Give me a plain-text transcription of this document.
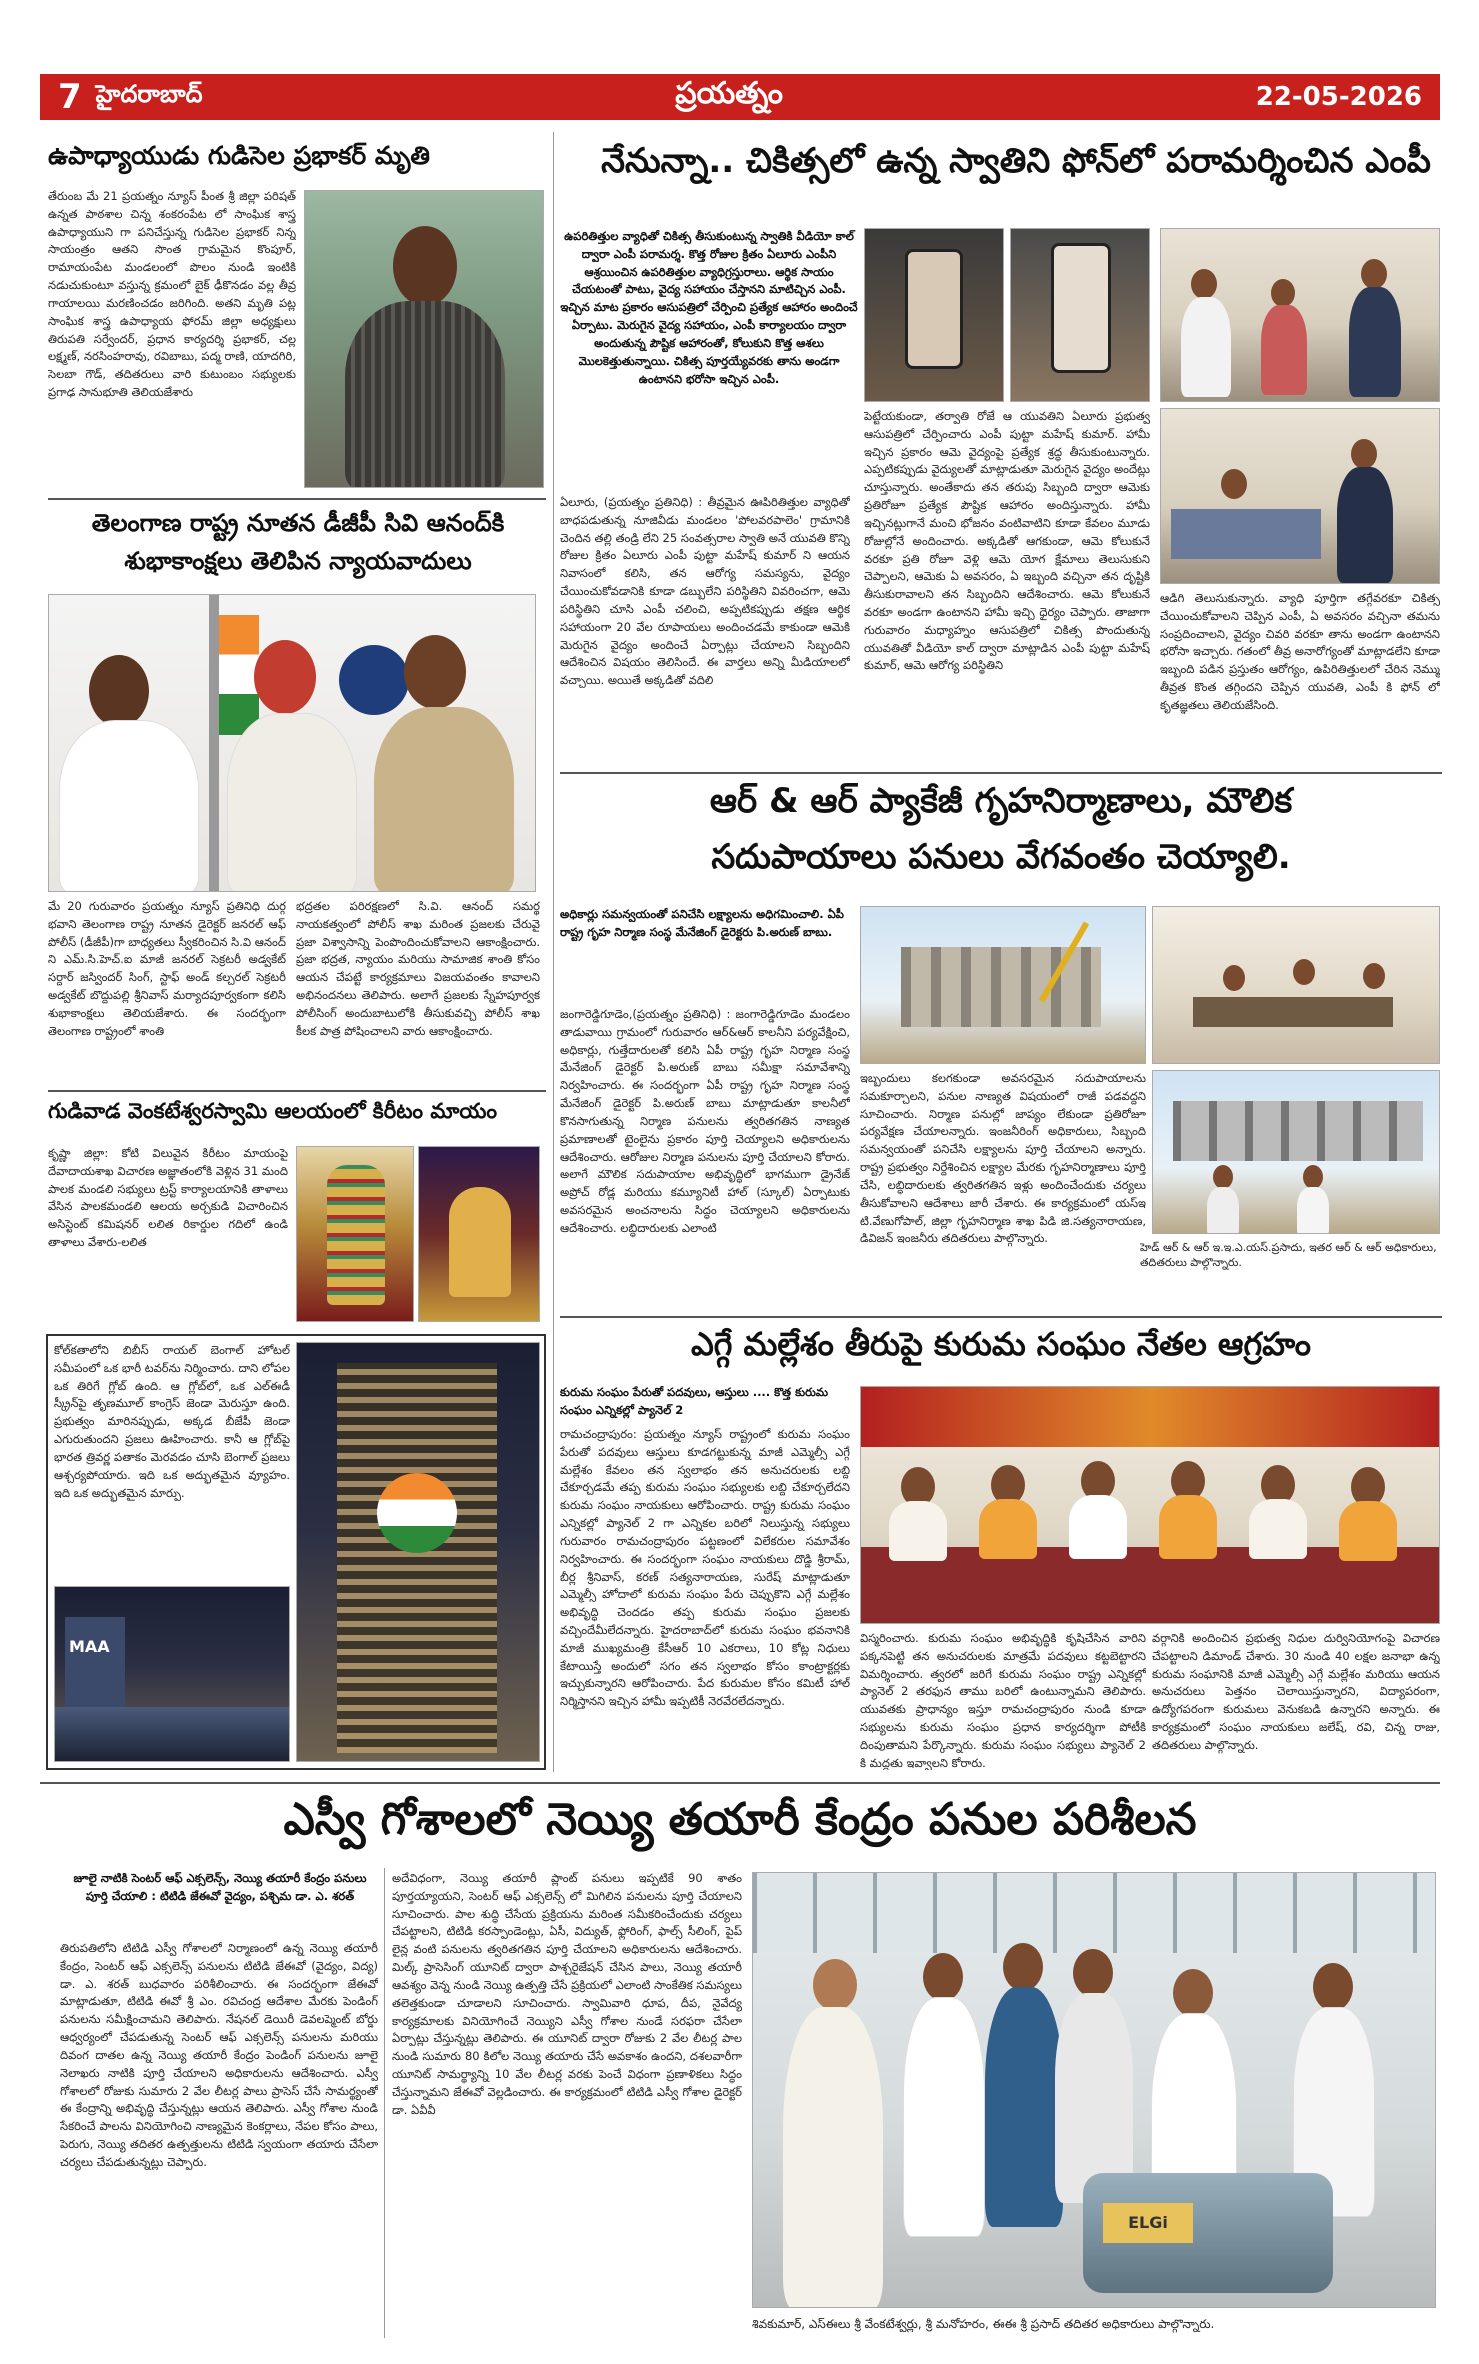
7 హైదరాబాద్	ప్రయత్నం	22-05-2026
ఉపాధ్యాయుడు గుడిసెల ప్రభాకర్ మృతి
తేరుంబ మే 21 ప్రయత్నం న్యూస్ పీంత శ్రీ జిల్లా పరిషత్ ఉన్నత పాఠశాల చిన్న శంకరంపేట లో సాంఘిక శాస్త్ర ఉపాధ్యాయుని గా పనిచేస్తున్న గుడిసెల ప్రభాకర్ నిన్న సాయంత్రం ఆతని సొంత గ్రామమైన కొంపూర్, రామాయంపేట మండలంలో పొలం నుండి ఇంటికి నడుచుకుంటూ వస్తున్న క్రమంలో బైక్ ఢీకొనడం వల్ల తీవ్ర గాయాలయి మరణించడం జరిగింది. అతని మృతి పట్ల సాంఘిక శాస్త్ర ఉపాధ్యాయ ఫోరమ్ జిల్లా అధ్యక్షులు తిరుపతి సర్వేందర్, ప్రధాన కార్యదర్శి ప్రభాకర్, చల్ల లక్ష్మణ్, నరసింహరావు, రవిబాబు, పద్మ రాణి, యాదగిరి, సెలబా గౌడ్, తదితరులు వారి కుటుంబం సభ్యులకు ప్రగాఢ సానుభూతి తెలియజేశారు
తెలంగాణ రాష్ట్ర నూతన డీజీపీ సివి ఆనంద్‌కి
శుభాకాంక్షలు తెలిపిన న్యాయవాదులు
మే 20 గురువారం ప్రయత్నం న్యూస్ ప్రతినిధి దుర్గ భవాని తెలంగాణ రాష్ట్ర నూతన డైరెక్టర్ జనరల్ ఆఫ్ పోలీస్ (డీజీపీ)గా బాధ్యతలు స్వీకరించిన సి.వి ఆనంద్ ని ఎమ్.సి.హెచ్.ఐ మాజీ జనరల్ సెక్రటరీ అడ్వకేట్ సర్దార్ జస్విందర్ సింగ్, స్టాఫ్ అండ్ కల్చరల్ సెక్రటరీ అడ్వకేట్ బొద్దుపల్లి శ్రీనివాస్ మర్యాదపూర్వకంగా కలిసి శుభాకాంక్షలు తెలియజేశారు. ఈ సందర్భంగా తెలంగాణ రాష్ట్రంలో శాంతి
భద్రతల పరిరక్షణలో సి.వి. ఆనంద్ సమర్థ నాయకత్వంలో పోలీస్ శాఖ మరింత ప్రజలకు చేరువై ప్రజా విశ్వాసాన్ని పెంపొందించుకోవాలని ఆకాంక్షించారు. ప్రజా భద్రత, న్యాయం మరియు సామాజిక శాంతి కోసం ఆయన చేపట్టే కార్యక్రమాలు విజయవంతం కావాలని అభినందనలు తెలిపారు. అలాగే ప్రజలకు స్నేహపూర్వక పోలీసింగ్ అందుబాటులోకి తీసుకువచ్చి పోలీస్ శాఖ కీలక పాత్ర పోషించాలని వారు ఆకాంక్షించారు.
గుడివాడ వెంకటేశ్వరస్వామి ఆలయంలో కిరీటం మాయం
కృష్ణా జిల్లా: కోటి విలువైన కిరీటం మాయంపై దేవాదాయశాఖ విచారణ అజ్ఞాతంలోకి వెళ్లిన 31 మంది పాలక మండలి సభ్యులు ట్రస్ట్ కార్యాలయానికి తాళాలు వేసిన పాలకమండలి ఆలయ అర్చకుడి విచారించిన అసిస్టెంట్ కమిషనర్ లలిత రికార్డుల గదిలో ఉండి తాళాలు వేశారు-లలిత
కోల్‌కతాలోని బిబీస్ రాయల్ బెంగాల్ హోటల్ సమీపంలో ఒక భారీ టవర్‌ను నిర్మించారు. దాని లోపల ఒక తిరిగే గ్లోబ్ ఉంది. ఆ గ్లోబ్‌లో, ఒక ఎల్ఈడీ స్క్రీన్‌పై తృణమూల్ కాంగ్రెస్ జెండా మెరుస్తూ ఉంది. ప్రభుత్వం మారినప్పుడు, అక్కడ బీజేపీ జెండా ఎగురుతుందని ప్రజలు ఊహించారు. కానీ ఆ గ్లోబ్‌పై భారత త్రివర్ణ పతాకం మెరవడం చూసి బెంగాల్ ప్రజలు ఆశ్చర్యపోయారు. ఇది ఒక అద్భుతమైన వ్యూహం. ఇది ఒక అద్భుతమైన మార్పు.
MAA
నేనున్నా.. చికిత్సలో ఉన్న స్వాతిని ఫోన్‌లో పరామర్శించిన ఎంపీ
ఉపరితిత్తుల వ్యాధితో చికిత్స తీసుకుంటున్న స్వాతికి వీడియో కాల్ ద్వారా ఎంపీ పరామర్శ. కొత్త రోజుల క్రితం ఏలూరు ఎంపీని ఆశ్రయించిన ఉపరితిత్తుల వ్యాధిగ్రస్తురాలు. ఆర్థిక సాయం చేయటంతో పాటు, వైద్య సహాయం చేస్తానని మాటిచ్చిన ఎంపీ. ఇచ్చిన మాట ప్రకారం ఆసుపత్రిలో చేర్పించి ప్రత్యేక ఆహారం అందించే ఏర్పాటు. మెరుగైన వైద్య సహాయం, ఎంపీ కార్యాలయం ద్వారా అందుతున్న పౌష్టిక ఆహారంతో, కోలుకుని కొత్త ఆశలు మొలకెత్తుతున్నాయి. చికిత్స పూర్తయ్యేవరకు తాను అండగా ఉంటానని భరోసా ఇచ్చిన ఎంపీ.
ఏలూరు, (ప్రయత్నం ప్రతినిధి) : తీవ్రమైన ఊపిరితిత్తుల వ్యాధితో బాధపడుతున్న నూజివీడు మండలం 'పోలవరపాలెం' గ్రామానికి చెందిన తల్లి తండ్రి లేని 25 సంవత్సరాల స్వాతి అనే యువతి కొన్ని రోజుల క్రితం ఏలూరు ఎంపీ పుట్టా మహేష్ కుమార్ ని ఆయన నివాసంలో కలిసి, తన ఆరోగ్య సమస్యను, వైద్యం చేయించుకోవడానికి కూడా డబ్బులేని పరిస్థితిని వివరించగా, ఆమె పరిస్థితిని చూసి ఎంపీ చలించి, అప్పటికప్పుడు తక్షణ ఆర్థిక సహాయంగా 20 వేల రూపాయలు అందించడమే కాకుండా ఆమెకి మెరుగైన వైద్యం అందించే ఏర్పాట్లు చేయాలని సిబ్బందిని ఆదేశించిన విషయం తెలిసిందే. ఈ వార్తలు అన్ని మీడియాలలో వచ్చాయి. అయితే అక్కడితో వదిలి
పెట్టేయకుండా, తర్వాతి రోజే ఆ యువతిని ఏలూరు ప్రభుత్వ ఆసుపత్రిలో చేర్పించారు ఎంపీ పుట్టా మహేష్ కుమార్. హామీ ఇచ్చిన ప్రకారం ఆమె వైద్యంపై ప్రత్యేక శ్రద్ధ తీసుకుంటున్నారు. ఎప్పటికప్పుడు వైద్యులతో మాట్లాడుతూ మెరుగైన వైద్యం అందేట్లు చూస్తున్నారు. అంతేకాదు తన తరుపు సిబ్బంది ద్వారా ఆమెకు ప్రతిరోజూ ప్రత్యేక పౌష్టిక ఆహారం అందిస్తున్నారు. హామీ ఇచ్చినట్లుగానే మంచి భోజనం వంటివాటిని కూడా కేవలం మూడు రోజుల్లోనే అందించారు. అక్కడితో ఆగకుండా, ఆమె కోలుకునే వరకూ ప్రతి రోజూ వెళ్లి ఆమె యోగ క్షేమాలు తెలుసుకుని చెప్పాలని, ఆమెకు ఏ అవసరం, ఏ ఇబ్బంది వచ్చినా తన దృష్టికి తీసుకురావాలని తన సిబ్బందిని ఆదేశించారు. ఆమె కోలుకునే వరకూ అండగా ఉంటానని హామీ ఇచ్చి ధైర్యం చెప్పారు. తాజాగా గురువారం మధ్యాహ్నం ఆసుపత్రిలో చికిత్స పొందుతున్న యువతితో వీడియో కాల్ ద్వారా మాట్లాడిన ఎంపీ పుట్టా మహేష్ కుమార్, ఆమె ఆరోగ్య పరిస్థితిని
ఆడిగి తెలుసుకున్నారు. వ్యాధి పూర్తిగా తగ్గేవరకూ చికిత్స చేయించుకోవాలని చెప్పిన ఎంపీ, ఏ అవసరం వచ్చినా తమను సంప్రదించాలని, వైద్యం చివరి వరకూ తాను అండగా ఉంటానని భరోసా ఇచ్చారు. గతంలో తీవ్ర అనారోగ్యంతో మాట్లాడలేని కూడా ఇబ్బంది పడిన ప్రస్తుతం ఆరోగ్యం, ఉపిరితిత్తులలో చేరిన నెమ్ము తీవ్రత కొంత తగ్గిందని చెప్పిన యువతి, ఎంపీ కి ఫోన్ లో కృతజ్ఞతలు తెలియజేసింది.
ఆర్ & ఆర్ ప్యాకేజీ గృహనిర్మాణాలు, మౌలిక
సదుపాయాలు పనులు వేగవంతం చెయ్యాలి.
అధికార్లు సమన్వయంతో పనిచేసి లక్ష్యాలను అధిగమించాలి. ఏపీ రాష్ట్ర గృహ నిర్మాణ సంస్థ మేనేజింగ్ డైరెక్టరు పి.అరుణ్ బాబు.
జంగారెడ్డిగూడెం,(ప్రయత్నం ప్రతినిధి) : జంగారెడ్డిగూడెం మండలం తాడువాయి గ్రామంలో గురువారం ఆర్&ఆర్ కాలనీని పర్యవేక్షించి, అధికార్లు, గుత్తేదారులతో కలిసి ఏపీ రాష్ట్ర గృహ నిర్మాణ సంస్థ మేనేజింగ్ డైరెక్టర్ పి.అరుణ్ బాబు సమీక్షా సమావేశాన్ని నిర్వహించారు. ఈ సందర్భంగా ఏపీ రాష్ట్ర గృహ నిర్మాణ సంస్థ మేనేజింగ్ డైరెక్టర్ పి.అరుణ్ బాబు మాట్లాడుతూ కాలనీలో కొనసాగుతున్న నిర్మాణ పనులను త్వరితగతిన నాణ్యత ప్రమాణాలతో టైంలైను ప్రకారం పూర్తి చెయ్యాలని అధికారులను ఆదేశించారు. ఆరోజుల నిర్మాణ పనులను పూర్తి చేయాలని కోరారు. అలాగే మౌలిక సదుపాయాల అభివృద్ధిలో భాగముగా డ్రైనేజ్ అప్రోచ్ రోడ్ల మరియు కమ్యూనిటీ హాల్ (స్కూల్) ఏర్పాటుకు అవసరమైన అంచనాలను సిద్ధం చెయ్యాలని అధికారులను ఆదేశించారు. లబ్ధిదారులకు ఎలాంటి
ఇబ్బందులు కలగకుండా అవసరమైన సదుపాయాలను సమకూర్చాలని, పనుల నాణ్యత విషయంలో రాజీ పడవద్దని సూచించారు. నిర్మాణ పనుల్లో జాప్యం లేకుండా ప్రతిరోజూ పర్యవేక్షణ చేయాలన్నారు. ఇంజనీరింగ్ అధికారులు, సిబ్బంది సమన్వయంతో పనిచేసి లక్ష్యాలను పూర్తి చేయాలని అన్నారు. రాష్ట్ర ప్రభుత్వం నిర్దేశించిన లక్ష్యాల మేరకు గృహనిర్మాణాలు పూర్తి చేసి, లబ్ధిదారులకు త్వరితగతిన ఇళ్లు అందించేందుకు చర్యలు తీసుకోవాలని ఆదేశాలు జారీ చేశారు. ఈ కార్యక్రమంలో యస్‌ఇ టి.వేణుగోపాల్, జిల్లా గృహనిర్మాణ శాఖ పిడి జి.సత్యనారాయణ, డివిజన్ ఇంజనీరు తదితరులు పాల్గొన్నారు.
హెడ్ ఆర్ & ఆర్ ఇ.ఇ.ఎ.యస్.ప్రసాదు, ఇతర ఆర్ & ఆర్ అధికారులు, తదితరులు పాల్గొన్నారు.
ఎగ్గే మల్లేశం తీరుపై కురుమ సంఘం నేతల ఆగ్రహం
కురుమ సంఘం పేరుతో పదవులు, ఆస్తులు .... కొత్త కురుమ సంఘం ఎన్నికల్లో ప్యానెల్ 2
రామచంద్రాపురం: ప్రయత్నం న్యూస్ రాష్ట్రంలో కురుమ సంఘం పేరుతో పదవులు ఆస్తులు కూడగట్టుకున్న మాజీ ఎమ్మెల్సీ ఎగ్గే మల్లేశం కేవలం తన స్వలాభం తన అనుచరులకు లబ్ది చేకూర్చడమే తప్ప కురుమ సంఘం సభ్యులకు లబ్ది చేకూర్చలేదని కురుమ సంఘం నాయకులు ఆరోపించారు. రాష్ట్ర కురుమ సంఘం ఎన్నికల్లో ప్యానెల్ 2 గా ఎన్నికల బరిలో నిలుస్తున్న సభ్యులు గురువారం రామచంద్రాపురం పట్టణంలో విలేకరుల సమావేశం నిర్వహించారు. ఈ సందర్భంగా సంఘం నాయకులు దొడ్డి శ్రీరామ్, బీర్ల శ్రీనివాస్, కరణ్ సత్యనారాయణ, సురేష్ మాట్లాడుతూ ఎమ్మెల్సీ హోదాలో కురుమ సంఘం పేరు చెప్పుకొని ఎగ్గే మల్లేశం అభివృద్ధి చెందడం తప్ప కురుమ సంఘం ప్రజలకు వచ్చిందేమీలేదన్నారు. హైదరాబాద్‌లో కురుమ సంఘం భవనానికి మాజీ ముఖ్యమంత్రి కేసీఆర్ 10 ఎకరాలు, 10 కోట్ల నిధులు కేటాయిస్తే అందులో సగం తన స్వలాభం కోసం కాంట్రాక్టర్లకు ఇచ్చుకున్నారని ఆరోపించారు. పేద కురుమల కోసం కమిటీ హాల్ నిర్మిస్తానని ఇచ్చిన హామీ ఇప్పటికీ నెరవేరలేదన్నారు.
విస్మరించారు. కురుమ సంఘం అభివృద్ధికి కృషిచేసిన వారిని పక్కనపెట్టి తన అనుచరులకు మాత్రమే పదవులు కట్టబెట్టారని విమర్శించారు. త్వరలో జరిగే కురుమ సంఘం రాష్ట్ర ఎన్నికల్లో ప్యానెల్ 2 తరఫున తాము బరిలో ఉంటున్నామని తెలిపారు. యువతకు ప్రాధాన్యం ఇస్తూ రామచంద్రాపురం నుండి కూడా సభ్యులను కురుమ సంఘం ప్రధాన కార్యదర్శిగా పోటీకి దింపుతామని పేర్కొన్నారు. కురుమ సంఘం సభ్యులు ప్యానెల్ 2 కి మద్దతు ఇవ్వాలని కోరారు.
వర్గానికి అందించిన ప్రభుత్వ నిధుల దుర్వినియోగంపై విచారణ చేపట్టాలని డిమాండ్ చేశారు. 30 నుండి 40 లక్షల జనాభా ఉన్న కురుమ సంఘానికి మాజీ ఎమ్మెల్సీ ఎగ్గే మల్లేశం మరియు ఆయన అనుచరులు పెత్తనం చెలాయిస్తున్నారని, విద్యాపరంగా, ఉద్యోగపరంగా కురుమలు వెనుకబడి ఉన్నారని అన్నారు. ఈ కార్యక్రమంలో సంఘం నాయకులు జలేష్, రవి, చిన్న రాజు, తదితరులు పాల్గొన్నారు.
ఎస్వీ గోశాలలో నెయ్యి తయారీ కేంద్రం పనుల పరిశీలన
జూలై నాటికి సెంటర్ ఆఫ్ ఎక్సలెన్స్, నెయ్యి తయారీ కేంద్రం పనులు పూర్తి చేయాలి : టిటిడి జేఈవో వైద్యం, పశ్చిమ డా. ఎ. శరత్
తిరుపతిలోని టిటిడి ఎస్వీ గోశాలలో నిర్మాణంలో ఉన్న నెయ్యి తయారీ కేంద్రం, సెంటర్ ఆఫ్ ఎక్సలెన్స్ పనులను టిటిడి జేఈవో (వైద్యం, విద్య) డా. ఎ. శరత్ బుధవారం పరిశీలించారు. ఈ సందర్భంగా జేఈవో మాట్లాడుతూ, టిటిడి ఈవో శ్రీ ఎం. రవిచంద్ర ఆదేశాల మేరకు పెండింగ్ పనులను సమీక్షించామని తెలిపారు. నేషనల్ డెయిరీ డెవలప్మెంట్ బోర్డు ఆధ్వర్యంలో చేపడుతున్న సెంటర్ ఆఫ్ ఎక్సలెన్స్ పనులను మరియు దివంగ దాతల ఉన్న నెయ్యి తయారీ కేంద్రం పెండింగ్ పనులను జూలై నెలాఖరు నాటికి పూర్తి చేయాలని అధికారులను ఆదేశించారు. ఎస్వీ గోశాలలో రోజుకు సుమారు 2 వేల లీటర్ల పాలు ప్రాసెస్ చేసే సామర్థ్యంతో ఈ కేంద్రాన్ని అభివృద్ధి చేస్తున్నట్లు ఆయన తెలిపారు. ఎస్వీ గోశాల నుండి సేకరించే పాలను వినియోగించి నాణ్యమైన కెంకర్లాలు, నేపల కోసం పాలు, పెరుగు, నెయ్యి తదితర ఉత్పత్తులను టిటిడి స్వయంగా తయారు చేసేలా చర్యలు చేపడుతున్నట్లు చెప్పారు.
అదేవిధంగా, నెయ్యి తయారీ ప్లాంట్ పనులు ఇప్పటికే 90 శాతం పూర్తయ్యాయని, సెంటర్ ఆఫ్ ఎక్సలెన్స్ లో మిగిలిన పనులను పూర్తి చేయాలని సూచించారు. పాల శుద్ధి చేసేయ ప్రక్రియను మరింత సమీకరించేందుకు చర్యలు చేపట్టాలని, టిటిడి కరస్పాండెంట్లు, ఏసీ, విద్యుత్, ఫ్లోరింగ్, ఫాల్స్ సీలింగ్, పైప్ లైన్ల వంటి పనులను త్వరితగతిన పూర్తి చేయాలని అధికారులను ఆదేశించారు. మిల్క్ ప్రాసెసింగ్ యూనిట్ ద్వారా పాశ్చరైజేషన్ చేసిన పాలు, నెయ్యి తయారీ ఆవశ్యం వెన్న నుండి నెయ్యి ఉత్పత్తి చేసే ప్రక్రియలో ఎలాంటి సాంకేతిక సమస్యలు తలెత్తకుండా చూడాలని సూచించారు. స్వామివారి ధూప, దీప, నైవేద్య కార్యక్రమాలకు వినియోగించే నెయ్యిని ఎస్వీ గోశాల నుండే సరఫరా చేసేలా ఏర్పాట్లు చేస్తున్నట్లు తెలిపారు. ఈ యూనిట్ ద్వారా రోజుకు 2 వేల లీటర్ల పాల నుండి సుమారు 80 కిలోల నెయ్యి తయారు చేసే అవకాశం ఉందని, దశలవారీగా యూనిట్ సామర్థ్యాన్ని 10 వేల లీటర్ల వరకు పెంచే విధంగా ప్రణాళికలు సిద్ధం చేస్తున్నామని జేఈవో వెల్లడించారు. ఈ కార్యక్రమంలో టిటిడి ఎస్వీ గోశాల డైరెక్టర్ డా. ఏవీవీ
ELGi
శివకుమార్, ఎస్ఈలు శ్రీ వేంకటేశ్వర్లు, శ్రీ మనోహరం, ఈఈ శ్రీ ప్రసాద్ తదితర అధికారులు పాల్గొన్నారు.
